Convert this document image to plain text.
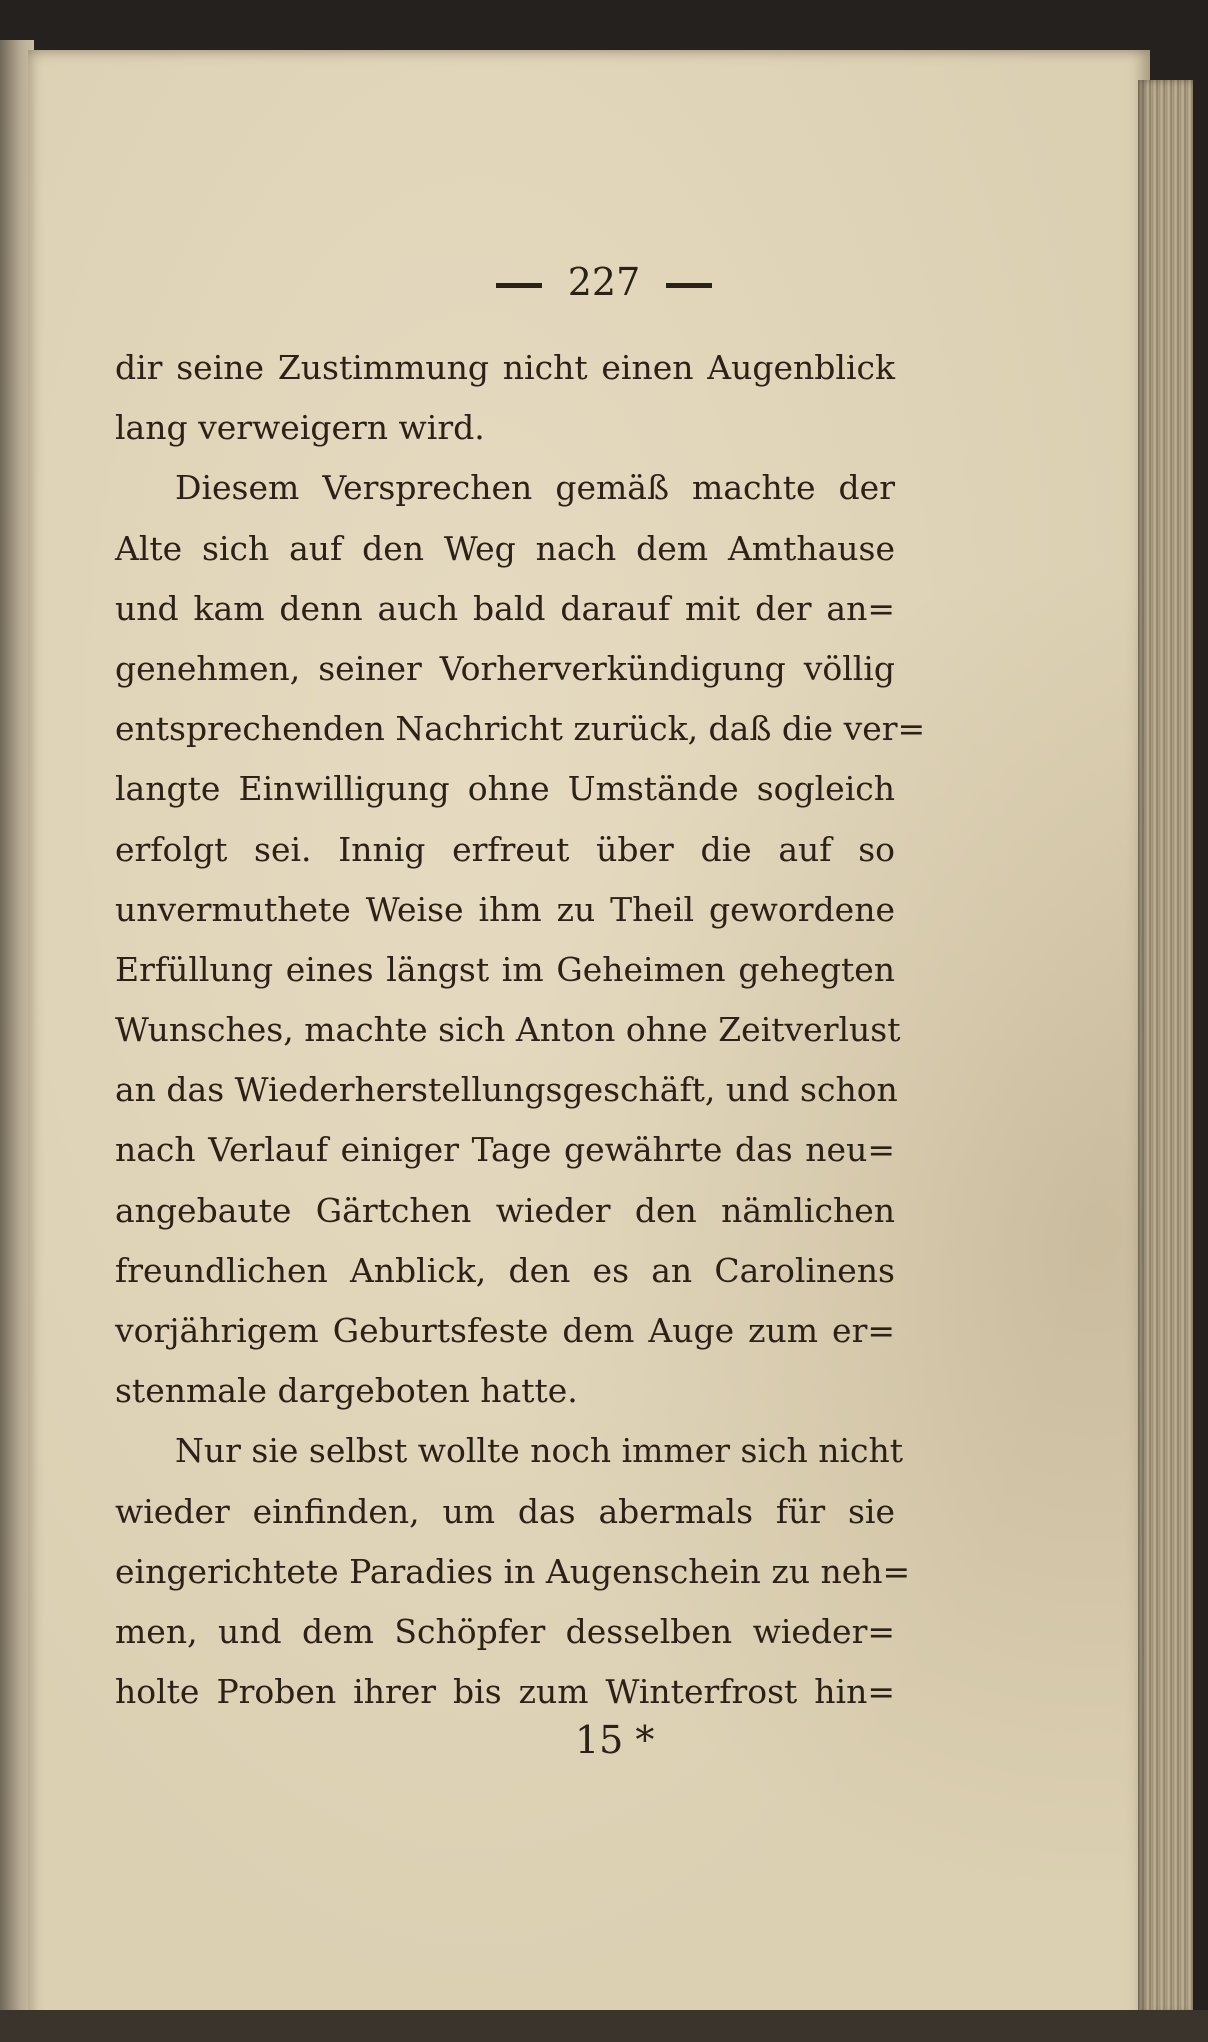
227
dir seine Zustimmung nicht einen Augenblick
lang verweigern wird.
Diesem Versprechen gemäß machte der
Alte sich auf den Weg nach dem Amthause
und kam denn auch bald darauf mit der an=
genehmen, seiner Vorherverkündigung völlig
entsprechenden Nachricht zurück, daß die ver=
langte Einwilligung ohne Umstände sogleich
erfolgt sei. Innig erfreut über die auf so
unvermuthete Weise ihm zu Theil gewordene
Erfüllung eines längst im Geheimen gehegten
Wunsches, machte sich Anton ohne Zeitverlust
an das Wiederherstellungsgeschäft, und schon
nach Verlauf einiger Tage gewährte das neu=
angebaute Gärtchen wieder den nämlichen
freundlichen Anblick, den es an Carolinens
vorjährigem Geburtsfeste dem Auge zum er=
stenmale dargeboten hatte.
Nur sie selbst wollte noch immer sich nicht
wieder einfinden, um das abermals für sie
eingerichtete Paradies in Augenschein zu neh=
men, und dem Schöpfer desselben wieder=
holte Proben ihrer bis zum Winterfrost hin=
15 *
